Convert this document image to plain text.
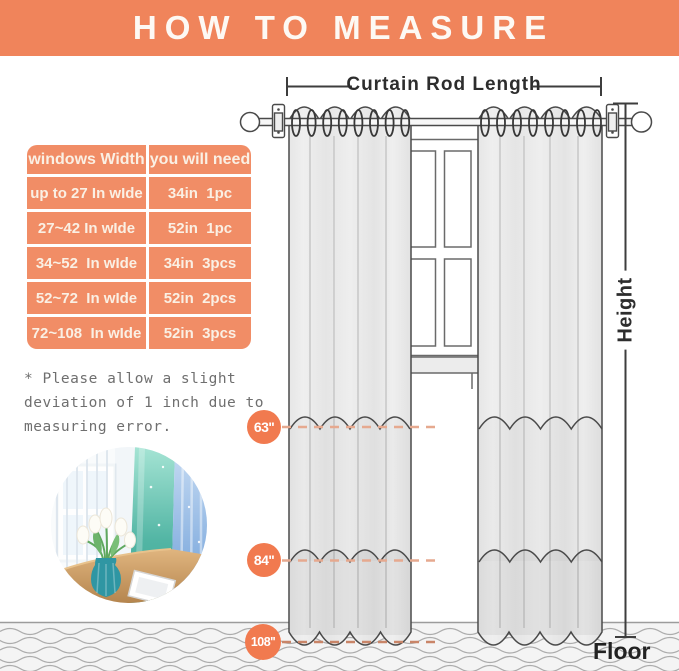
HOW TO MEASURE
windows Width you will need
up to 27 In wIde	34in  1pc
27~42 In wIde	52in  1pc
34~52  In wIde	34in  3pcs
52~72  In wIde	52in  2pcs
72~108  In wIde	52in  3pcs
* Please allow a slight
deviation of 1 inch due to
measuring error.
Curtain Rod Length
Height
Floor
63''
84''
108''
